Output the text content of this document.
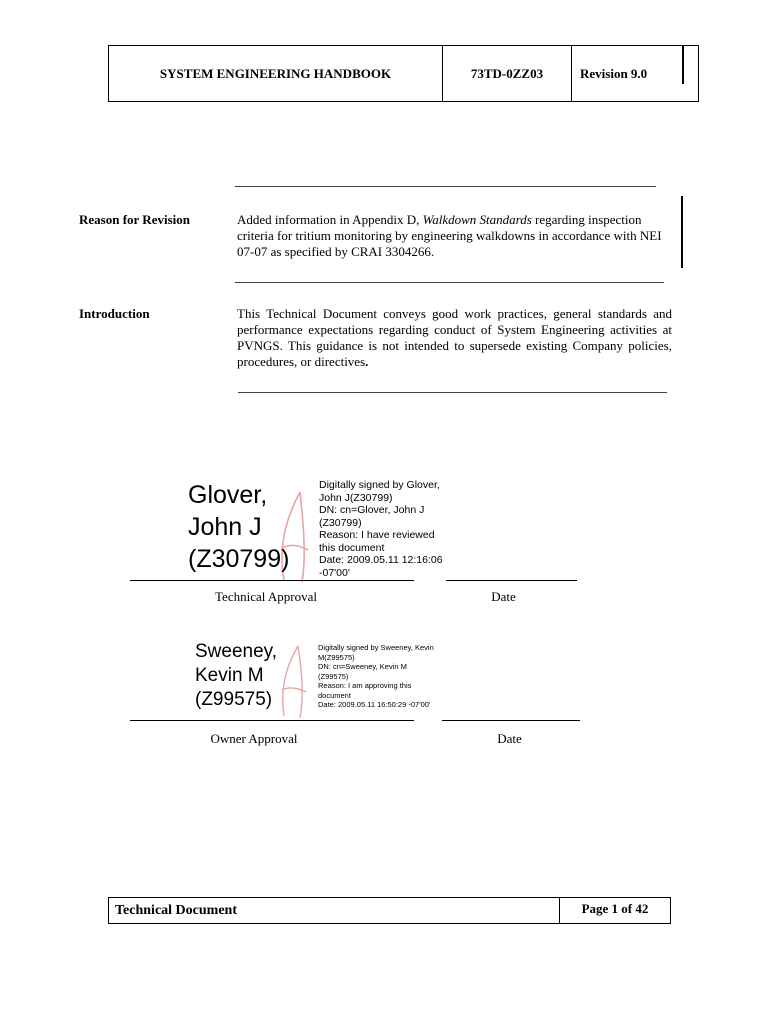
SYSTEM ENGINEERING HANDBOOK	73TD-0ZZ03	Revision 9.0
Reason for Revision	Added information in Appendix D, Walkdown Standards regarding inspection criteria for tritium monitoring by engineering walkdowns in accordance with NEI 07-07 as specified by CRAI 3304266.
Introduction	This Technical Document conveys good work practices, general standards and performance expectations regarding conduct of System Engineering activities at PVNGS. This guidance is not intended to supersede existing Company policies, procedures, or directives.
Glover,
John J
(Z30799)
Digitally signed by Glover,
John J(Z30799)
DN: cn=Glover, John J
(Z30799)
Reason: I have reviewed
this document
Date: 2009.05.11 12:16:06
-07'00'
Technical Approval	Date
Sweeney,
Kevin M
(Z99575)
Digitally signed by Sweeney, Kevin
M(Z99575)
DN: cn=Sweeney, Kevin M
(Z99575)
Reason: I am approving this
document
Date: 2009.05.11 16:50:29 -07'00'
Owner Approval	Date
Technical Document	Page 1 of 42
